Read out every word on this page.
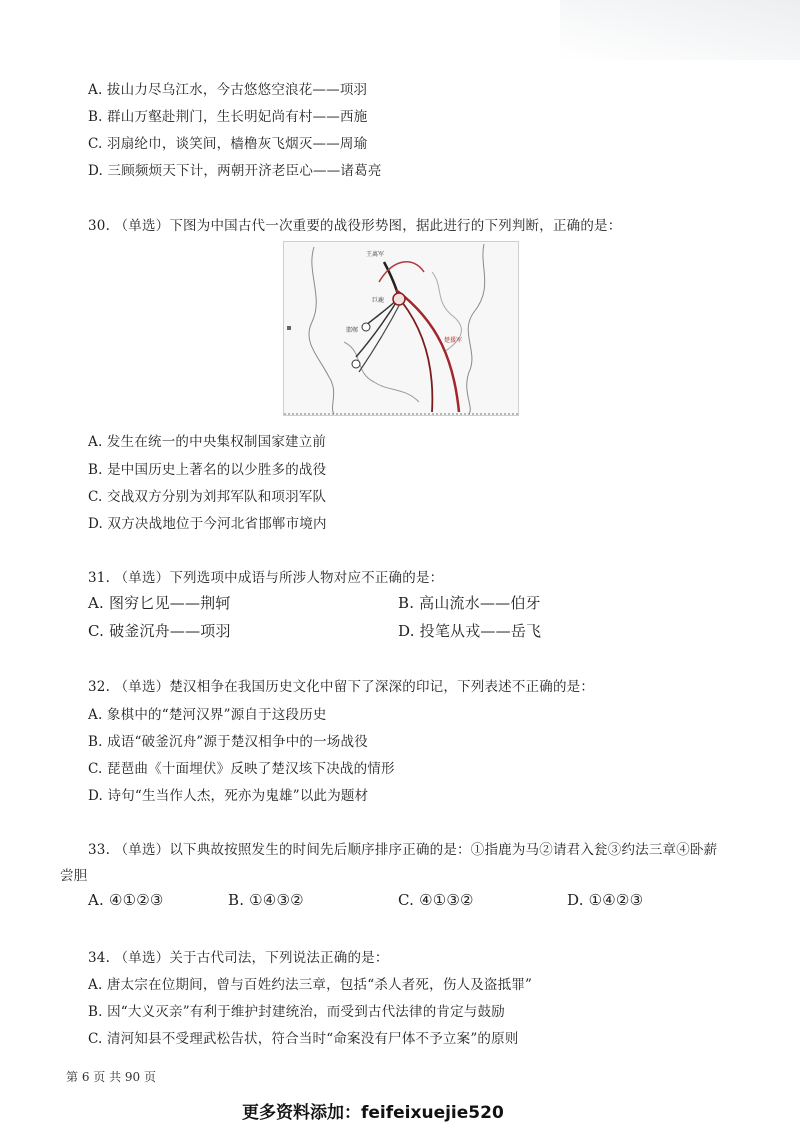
A. 拔山力尽乌江水，今古悠悠空浪花——项羽
B. 群山万壑赴荆门，生长明妃尚有村——西施
C. 羽扇纶巾，谈笑间，樯橹灰飞烟灭——周瑜
D. 三顾频烦天下计，两朝开济老臣心——诸葛亮
30. （单选）下图为中国古代一次重要的战役形势图，据此进行的下列判断，正确的是：
王离军
巨鹿
邯郸
楚援军
A. 发生在统一的中央集权制国家建立前
B. 是中国历史上著名的以少胜多的战役
C. 交战双方分别为刘邦军队和项羽军队
D. 双方决战地位于今河北省邯郸市境内
31. （单选）下列选项中成语与所涉人物对应不正确的是：
A. 图穷匕见——荆轲	B. 高山流水——伯牙
C. 破釜沉舟——项羽	D. 投笔从戎——岳飞
32. （单选）楚汉相争在我国历史文化中留下了深深的印记，下列表述不正确的是：
A. 象棋中的“楚河汉界”源自于这段历史
B. 成语“破釜沉舟”源于楚汉相争中的一场战役
C. 琵琶曲《十面埋伏》反映了楚汉垓下决战的情形
D. 诗句“生当作人杰，死亦为鬼雄”以此为题材
33. （单选）以下典故按照发生的时间先后顺序排序正确的是：①指鹿为马②请君入瓮③约法三章④卧薪
尝胆
A. ④①②③	B. ①④③②	C. ④①③②	D. ①④②③
34. （单选）关于古代司法，下列说法正确的是：
A. 唐太宗在位期间，曾与百姓约法三章，包括“杀人者死，伤人及盗抵罪”
B. 因“大义灭亲”有利于维护封建统治，而受到古代法律的肯定与鼓励
C. 清河知县不受理武松告状，符合当时“命案没有尸体不予立案”的原则
第 6 页 共 90 页
更多资料添加：feifeixuejie520
